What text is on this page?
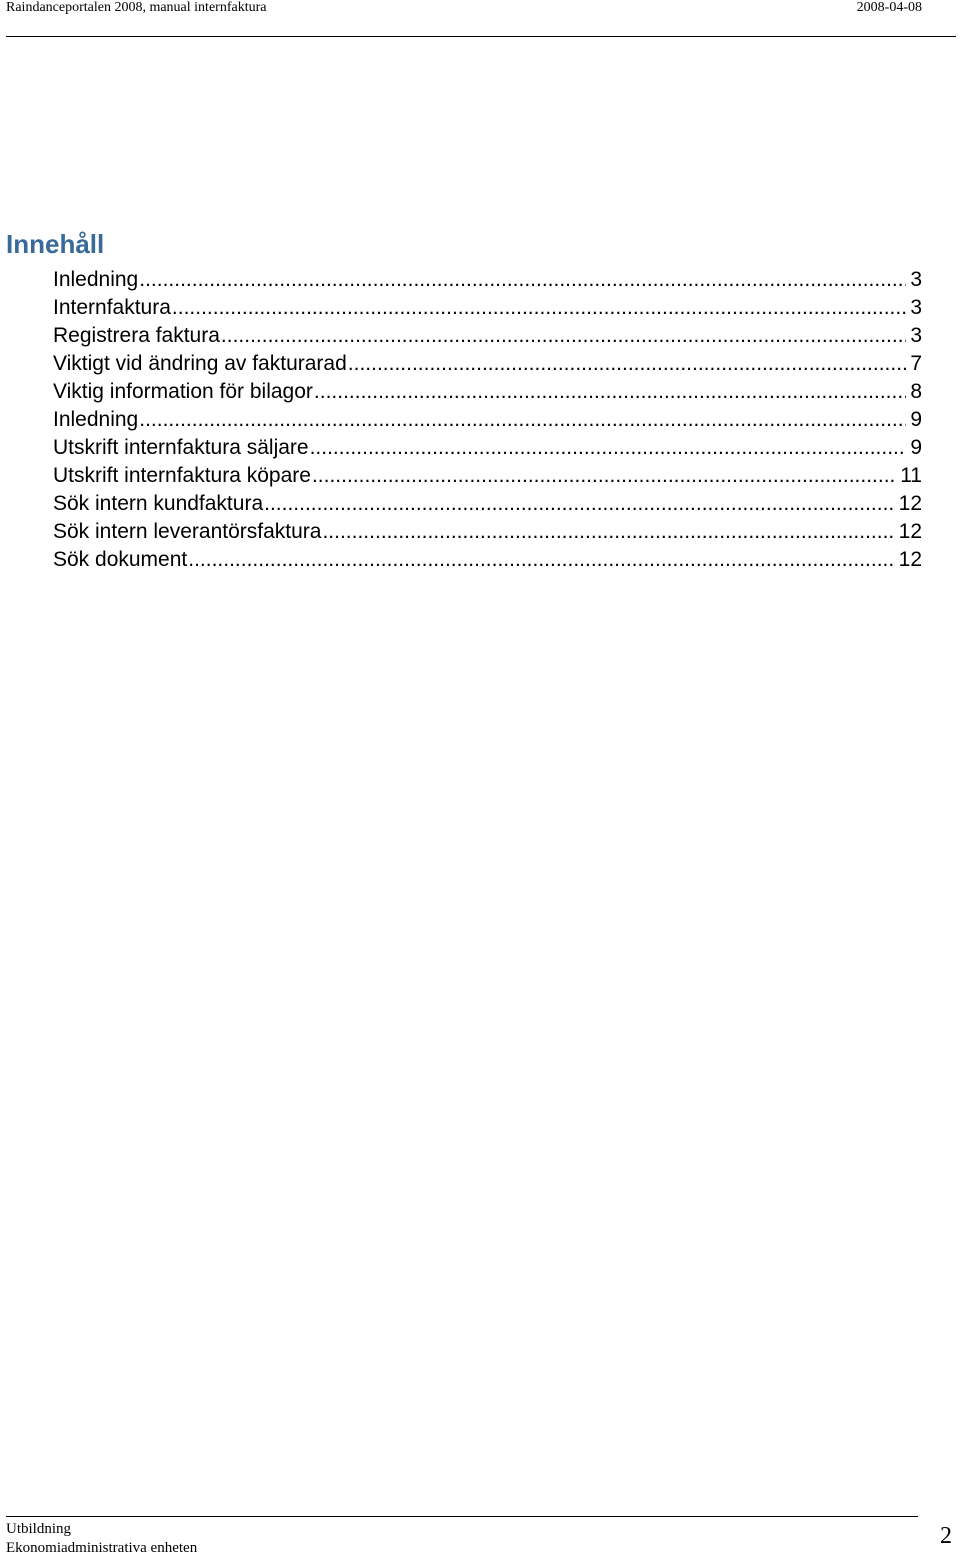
Raindanceportalen 2008, manual internfaktura	2008-04-08
Innehåll
Inledning .....	3
Internfaktura .....	3
Registrera faktura .....	3
Viktigt vid ändring av fakturarad .....	7
Viktig information för bilagor .....	8
Inledning .....	9
Utskrift internfaktura säljare .....	9
Utskrift internfaktura köpare .....	11
Sök intern kundfaktura .....	12
Sök intern leverantörsfaktura .....	12
Sök dokument .....	12
Utbildning
Ekonomiadministrativa enheten	2
